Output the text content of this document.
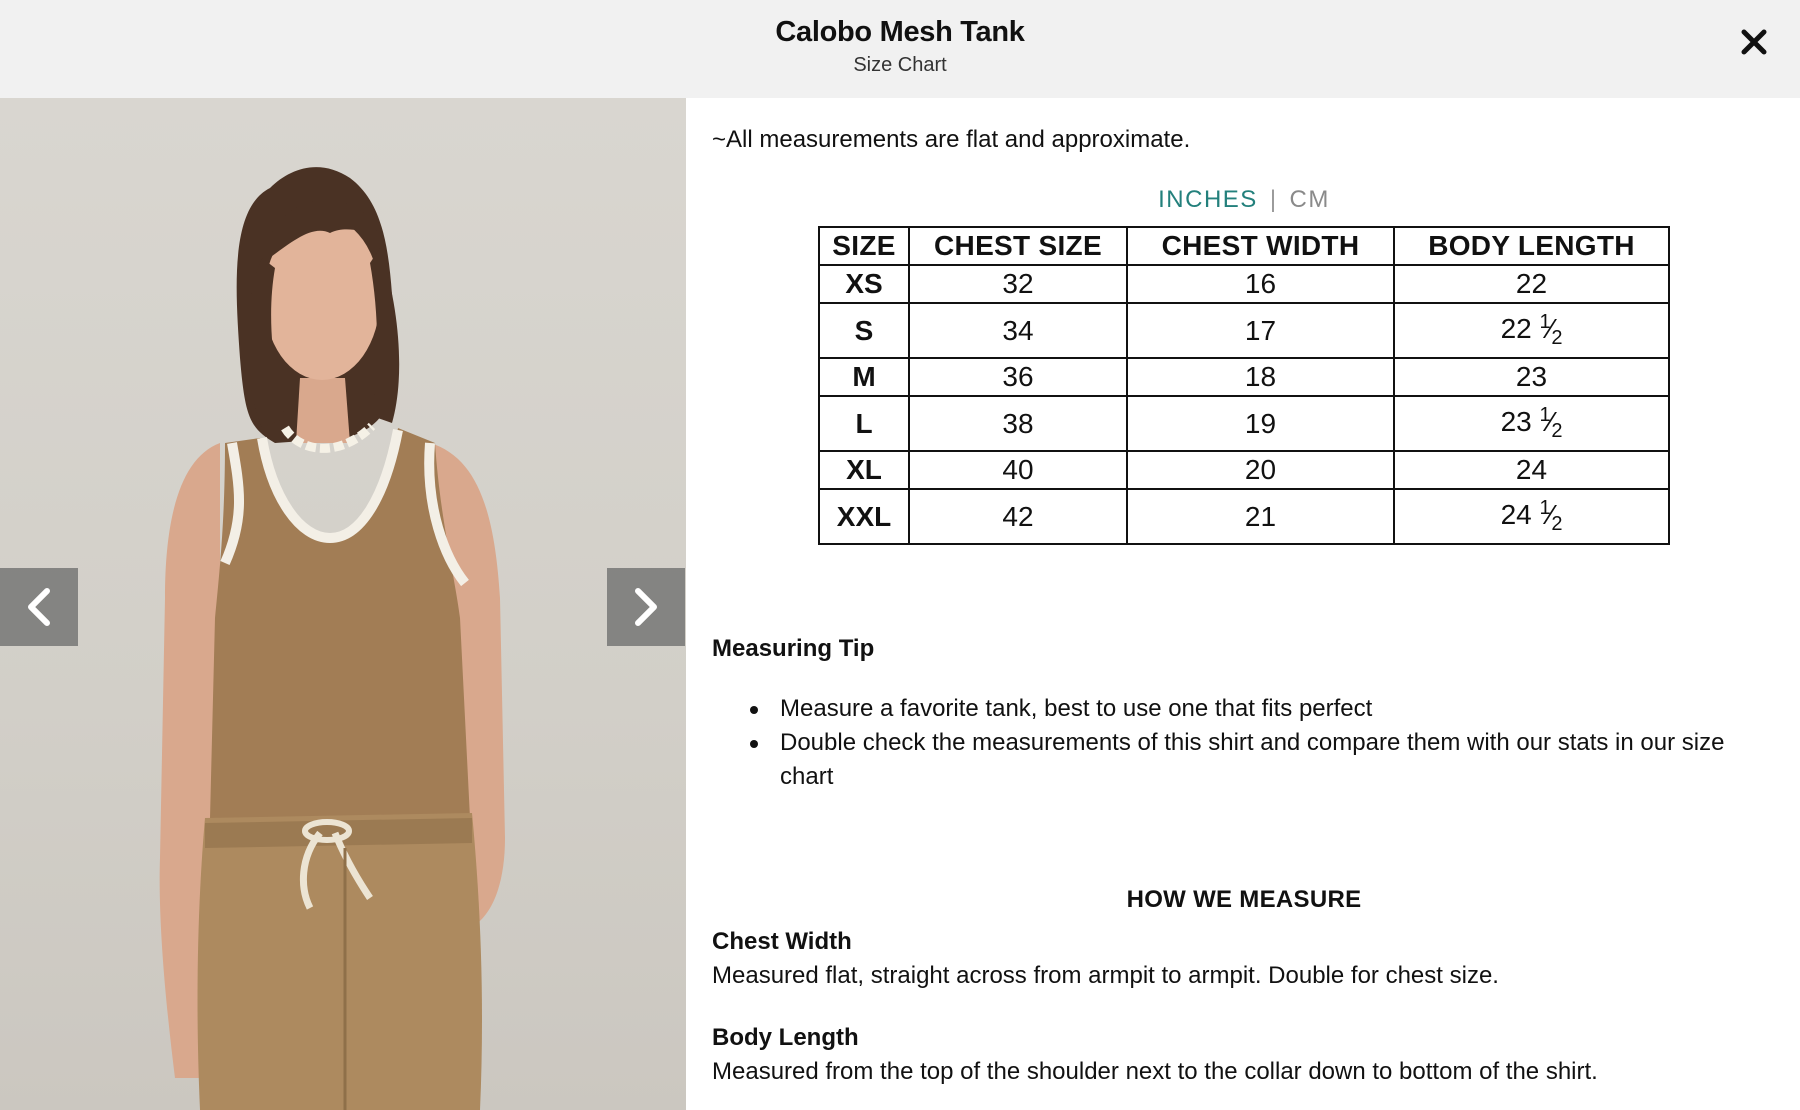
Calobo Mesh Tank
Size Chart
~All measurements are flat and approximate.
INCHES | CM
SIZE	CHEST SIZE	CHEST WIDTH	BODY LENGTH
XS	32	16	22
S	34	17	22 $^1⁄_2$
M	36	18	23
L	38	19	23 $^1⁄_2$
XL	40	20	24
XXL	42	21	24 $^1⁄_2$
Measuring Tip
Measure a favorite tank, best to use one that fits perfect
Double check the measurements of this shirt and compare them with our stats in our size chart
HOW WE MEASURE
Chest Width
Measured flat, straight across from armpit to armpit. Double for chest size.
Body Length
Measured from the top of the shoulder next to the collar down to bottom of the shirt.
